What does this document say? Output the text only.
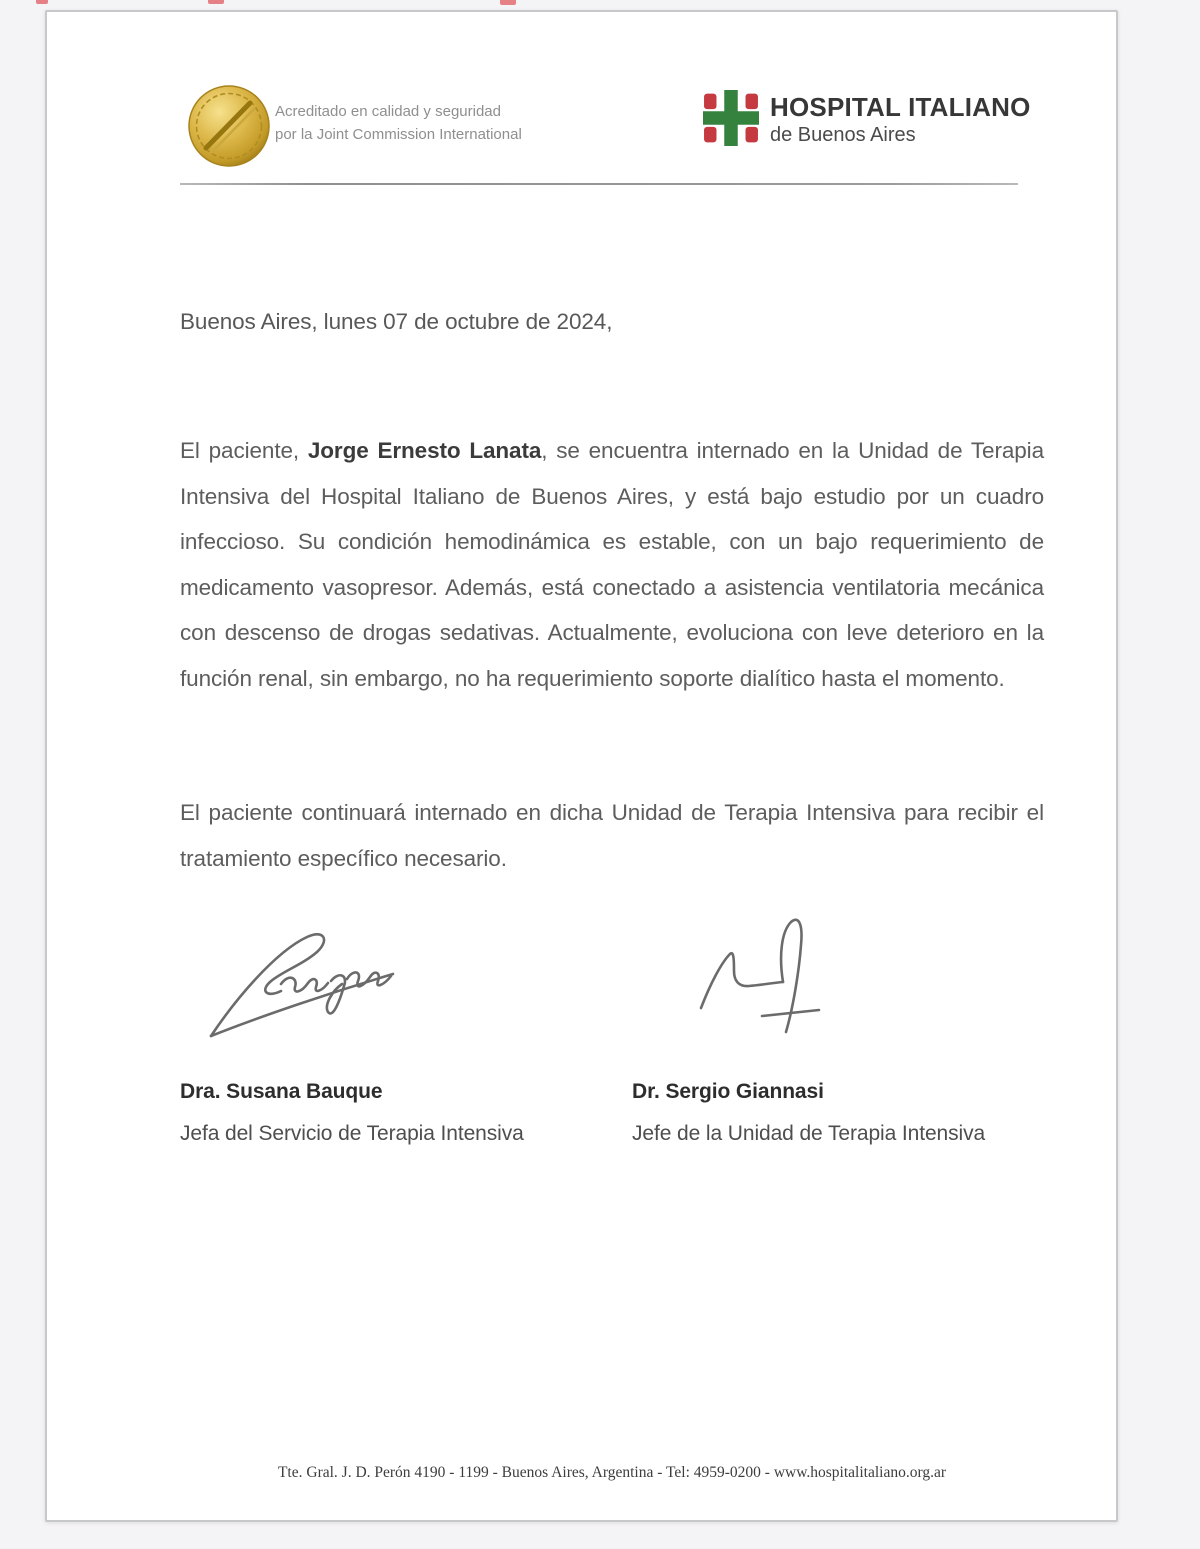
Acreditado en calidad y seguridad
por la Joint Commission International
HOSPITAL ITALIANO
de Buenos Aires
Buenos Aires, lunes 07 de octubre de 2024,
El paciente, Jorge Ernesto Lanata, se encuentra internado en la Unidad de Terapia Intensiva del Hospital Italiano de Buenos Aires, y está bajo estudio por un cuadro infeccioso. Su condición hemodinámica es estable, con un bajo requerimiento de medicamento vasopresor. Además, está conectado a asistencia ventilatoria mecánica con descenso de drogas sedativas. Actualmente, evoluciona con leve deterioro en la función renal, sin embargo, no ha requerimiento soporte dialítico hasta el momento.
El paciente continuará internado en dicha Unidad de Terapia Intensiva para recibir el tratamiento específico necesario.
Dra. Susana Bauque
Jefa del Servicio de Terapia Intensiva
Dr. Sergio Giannasi
Jefe de la Unidad de Terapia Intensiva
Tte. Gral. J. D. Perón 4190 - 1199 - Buenos Aires, Argentina - Tel: 4959-0200 - www.hospitalitaliano.org.ar
